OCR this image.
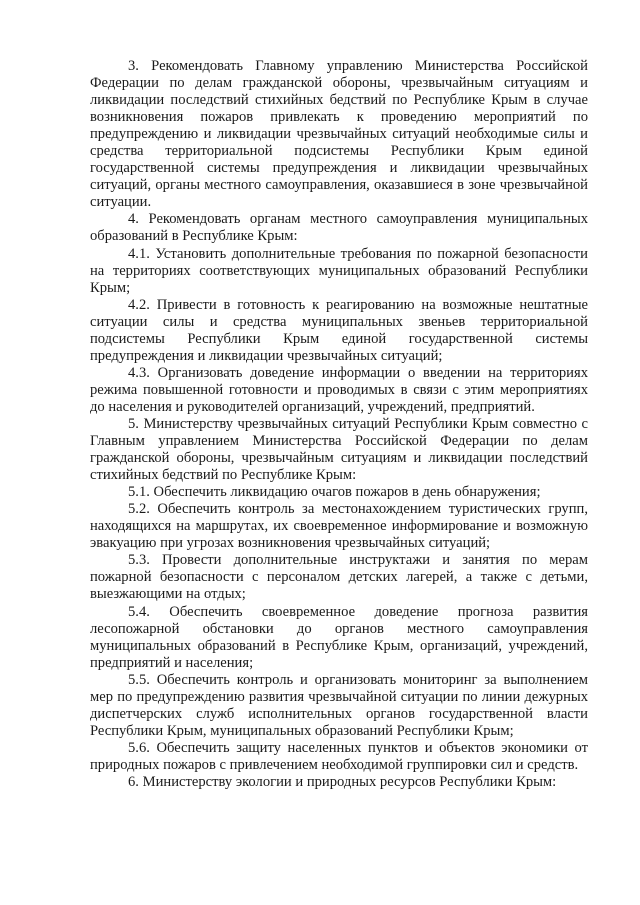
3. Рекомендовать Главному управлению Министерства Российской Федерации по делам гражданской обороны, чрезвычайным ситуациям и ликвидации последствий стихийных бедствий по Республике Крым в случае возникновения пожаров привлекать к проведению мероприятий по предупреждению и ликвидации чрезвычайных ситуаций необходимые силы и средства территориальной подсистемы Республики Крым единой государственной системы предупреждения и ликвидации чрезвычайных ситуаций, органы местного самоуправления, оказавшиеся в зоне чрезвычайной ситуации.

4. Рекомендовать органам местного самоуправления муниципальных образований в Республике Крым:

4.1. Установить дополнительные требования по пожарной безопасности на территориях соответствующих муниципальных образований Республики Крым;

4.2. Привести в готовность к реагированию на возможные нештатные ситуации силы и средства муниципальных звеньев территориальной подсистемы Республики Крым единой государственной системы предупреждения и ликвидации чрезвычайных ситуаций;

4.3. Организовать доведение информации о введении на территориях режима повышенной готовности и проводимых в связи с этим мероприятиях до населения и руководителей организаций, учреждений, предприятий.

5. Министерству чрезвычайных ситуаций Республики Крым совместно с Главным управлением Министерства Российской Федерации по делам гражданской обороны, чрезвычайным ситуациям и ликвидации последствий стихийных бедствий по Республике Крым:

5.1. Обеспечить ликвидацию очагов пожаров в день обнаружения;

5.2. Обеспечить контроль за местонахождением туристических групп, находящихся на маршрутах, их своевременное информирование и возможную эвакуацию при угрозах возникновения чрезвычайных ситуаций;

5.3. Провести дополнительные инструктажи и занятия по мерам пожарной безопасности с персоналом детских лагерей, а также с детьми, выезжающими на отдых;

5.4. Обеспечить своевременное доведение прогноза развития лесопожарной обстановки до органов местного самоуправления муниципальных образований в Республике Крым, организаций, учреждений, предприятий и населения;

5.5. Обеспечить контроль и организовать мониторинг за выполнением мер по предупреждению развития чрезвычайной ситуации по линии дежурных диспетчерских служб исполнительных органов государственной власти Республики Крым, муниципальных образований Республики Крым;

5.6. Обеспечить защиту населенных пунктов и объектов экономики от природных пожаров с привлечением необходимой группировки сил и средств.

6. Министерству экологии и природных ресурсов Республики Крым:
